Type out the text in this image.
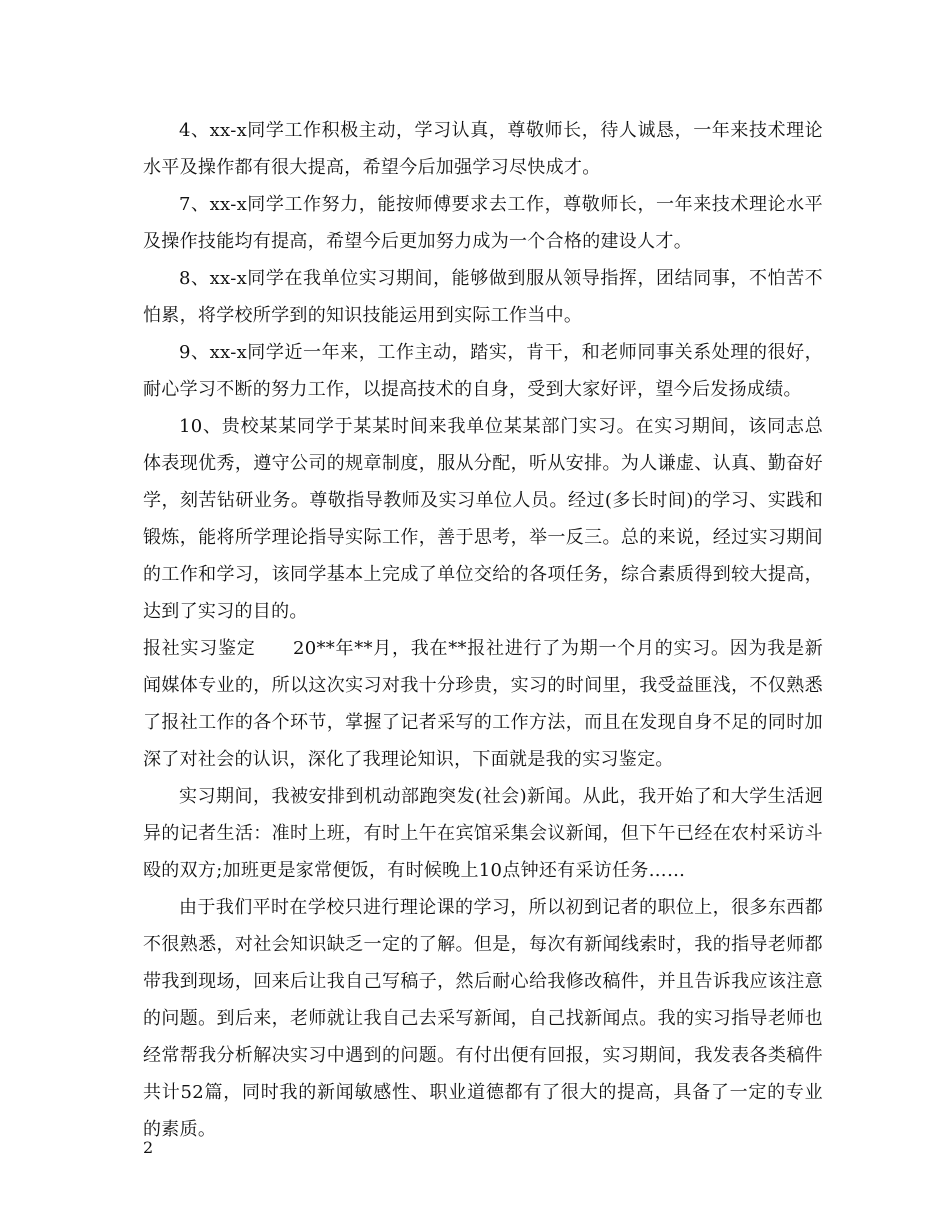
4、xx-x同学工作积极主动，学习认真，尊敬师长，待人诚恳，一年来技术理论水平及操作都有很大提高，希望今后加强学习尽快成才。

7、xx-x同学工作努力，能按师傅要求去工作，尊敬师长，一年来技术理论水平及操作技能均有提高，希望今后更加努力成为一个合格的建设人才。

8、xx-x同学在我单位实习期间，能够做到服从领导指挥，团结同事，不怕苦不怕累，将学校所学到的知识技能运用到实际工作当中。

9、xx-x同学近一年来，工作主动，踏实，肯干，和老师同事关系处理的很好，耐心学习不断的努力工作，以提高技术的自身，受到大家好评，望今后发扬成绩。

10、贵校某某同学于某某时间来我单位某某部门实习。在实习期间，该同志总体表现优秀，遵守公司的规章制度，服从分配，听从安排。为人谦虚、认真、勤奋好学，刻苦钻研业务。尊敬指导教师及实习单位人员。经过(多长时间)的学习、实践和锻炼，能将所学理论指导实际工作，善于思考，举一反三。总的来说，经过实习期间的工作和学习，该同学基本上完成了单位交给的各项任务，综合素质得到较大提高，达到了实习的目的。

报社实习鉴定　　20**年**月，我在**报社进行了为期一个月的实习。因为我是新闻媒体专业的，所以这次实习对我十分珍贵，实习的时间里，我受益匪浅，不仅熟悉了报社工作的各个环节，掌握了记者采写的工作方法，而且在发现自身不足的同时加深了对社会的认识，深化了我理论知识，下面就是我的实习鉴定。

实习期间，我被安排到机动部跑突发(社会)新闻。从此，我开始了和大学生活迥异的记者生活：准时上班，有时上午在宾馆采集会议新闻，但下午已经在农村采访斗殴的双方;加班更是家常便饭，有时候晚上10点钟还有采访任务……

由于我们平时在学校只进行理论课的学习，所以初到记者的职位上，很多东西都不很熟悉，对社会知识缺乏一定的了解。但是，每次有新闻线索时，我的指导老师都带我到现场，回来后让我自己写稿子，然后耐心给我修改稿件，并且告诉我应该注意的问题。到后来，老师就让我自己去采写新闻，自己找新闻点。我的实习指导老师也经常帮我分析解决实习中遇到的问题。有付出便有回报，实习期间，我发表各类稿件共计52篇，同时我的新闻敏感性、职业道德都有了很大的提高，具备了一定的专业的素质。

2
